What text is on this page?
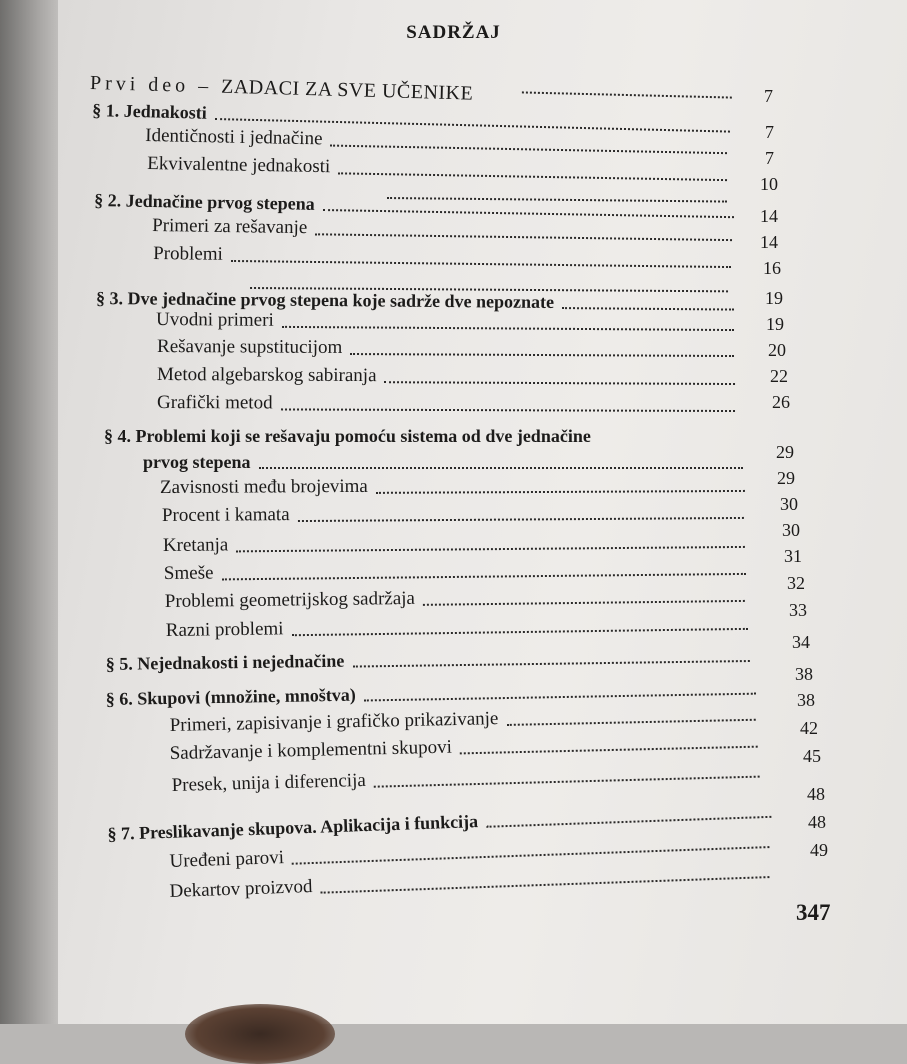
SADRŽAJ
Prvi deo – ZADACI ZA SVE UČENIKE
§ 1. Jednakosti
Identičnosti i jednačine
Ekvivalentne jednakosti
§ 2. Jednačine prvog stepena
Primeri za rešavanje
Problemi
§ 3. Dve jednačine prvog stepena koje sadrže dve nepoznate
Uvodni primeri
Rešavanje supstitucijom
Metod algebarskog sabiranja
Grafički metod
§ 4. Problemi koji se rešavaju pomoću sistema od dve jednačine
prvog stepena
Zavisnosti među brojevima
Procent i kamata
Kretanja
Smeše
Problemi geometrijskog sadržaja
Razni problemi
§ 5. Nejednakosti i nejednačine
§ 6. Skupovi (množine, mnoštva)
Primeri, zapisivanje i grafičko prikazivanje
Sadržavanje i komplementni skupovi
Presek, unija i diferencija
§ 7. Preslikavanje skupova. Aplikacija i funkcija
Uređeni parovi
Dekartov proizvod
7
7
7
10
14
14
16
19
19
20
22
26
29
29
30
30
31
32
33
34
38
38
42
45
48
48
49
347
